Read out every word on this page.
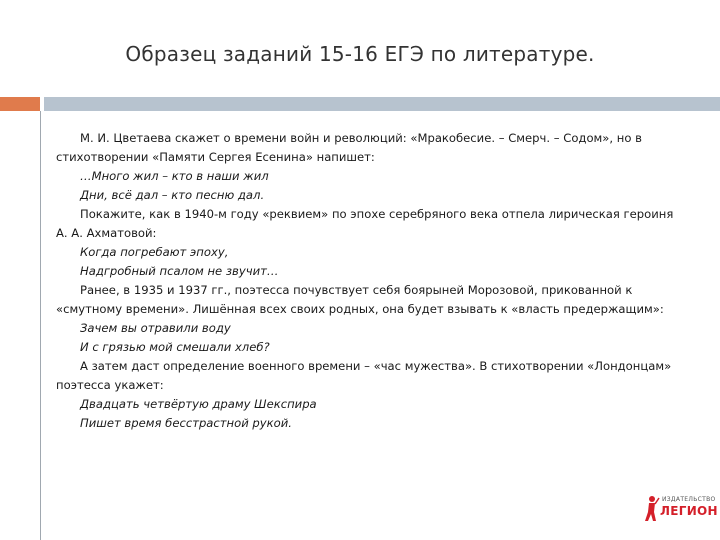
Образец заданий 15-16 ЕГЭ по литературе.

М. И. Цветаева скажет о времени войн и революций: «Мракобесие. – Смерч. – Содом», но в стихотворении «Памяти Сергея Есенина» напишет:

…Много жил – кто в наши жил

Дни, всё дал – кто песню дал.

Покажите, как в 1940-м году «реквием» по эпохе серебряного века отпела лирическая героиня А. А. Ахматовой:

Когда погребают эпоху,

Надгробный псалом не звучит…

Ранее, в 1935 и 1937 гг., поэтесса почувствует себя боярыней Морозовой, прикованной к «смутному времени». Лишённая всех своих родных, она будет взывать к «власть предержащим»:

Зачем вы отравили воду

И с грязью мой смешали хлеб?

А затем даст определение военного времени – «час мужества». В стихотворении «Лондонцам» поэтесса укажет:

Двадцать четвёртую драму Шекспира

Пишет время бесстрастной рукой.

ИЗДАТЕЛЬСТВО
ЛЕГИОН
